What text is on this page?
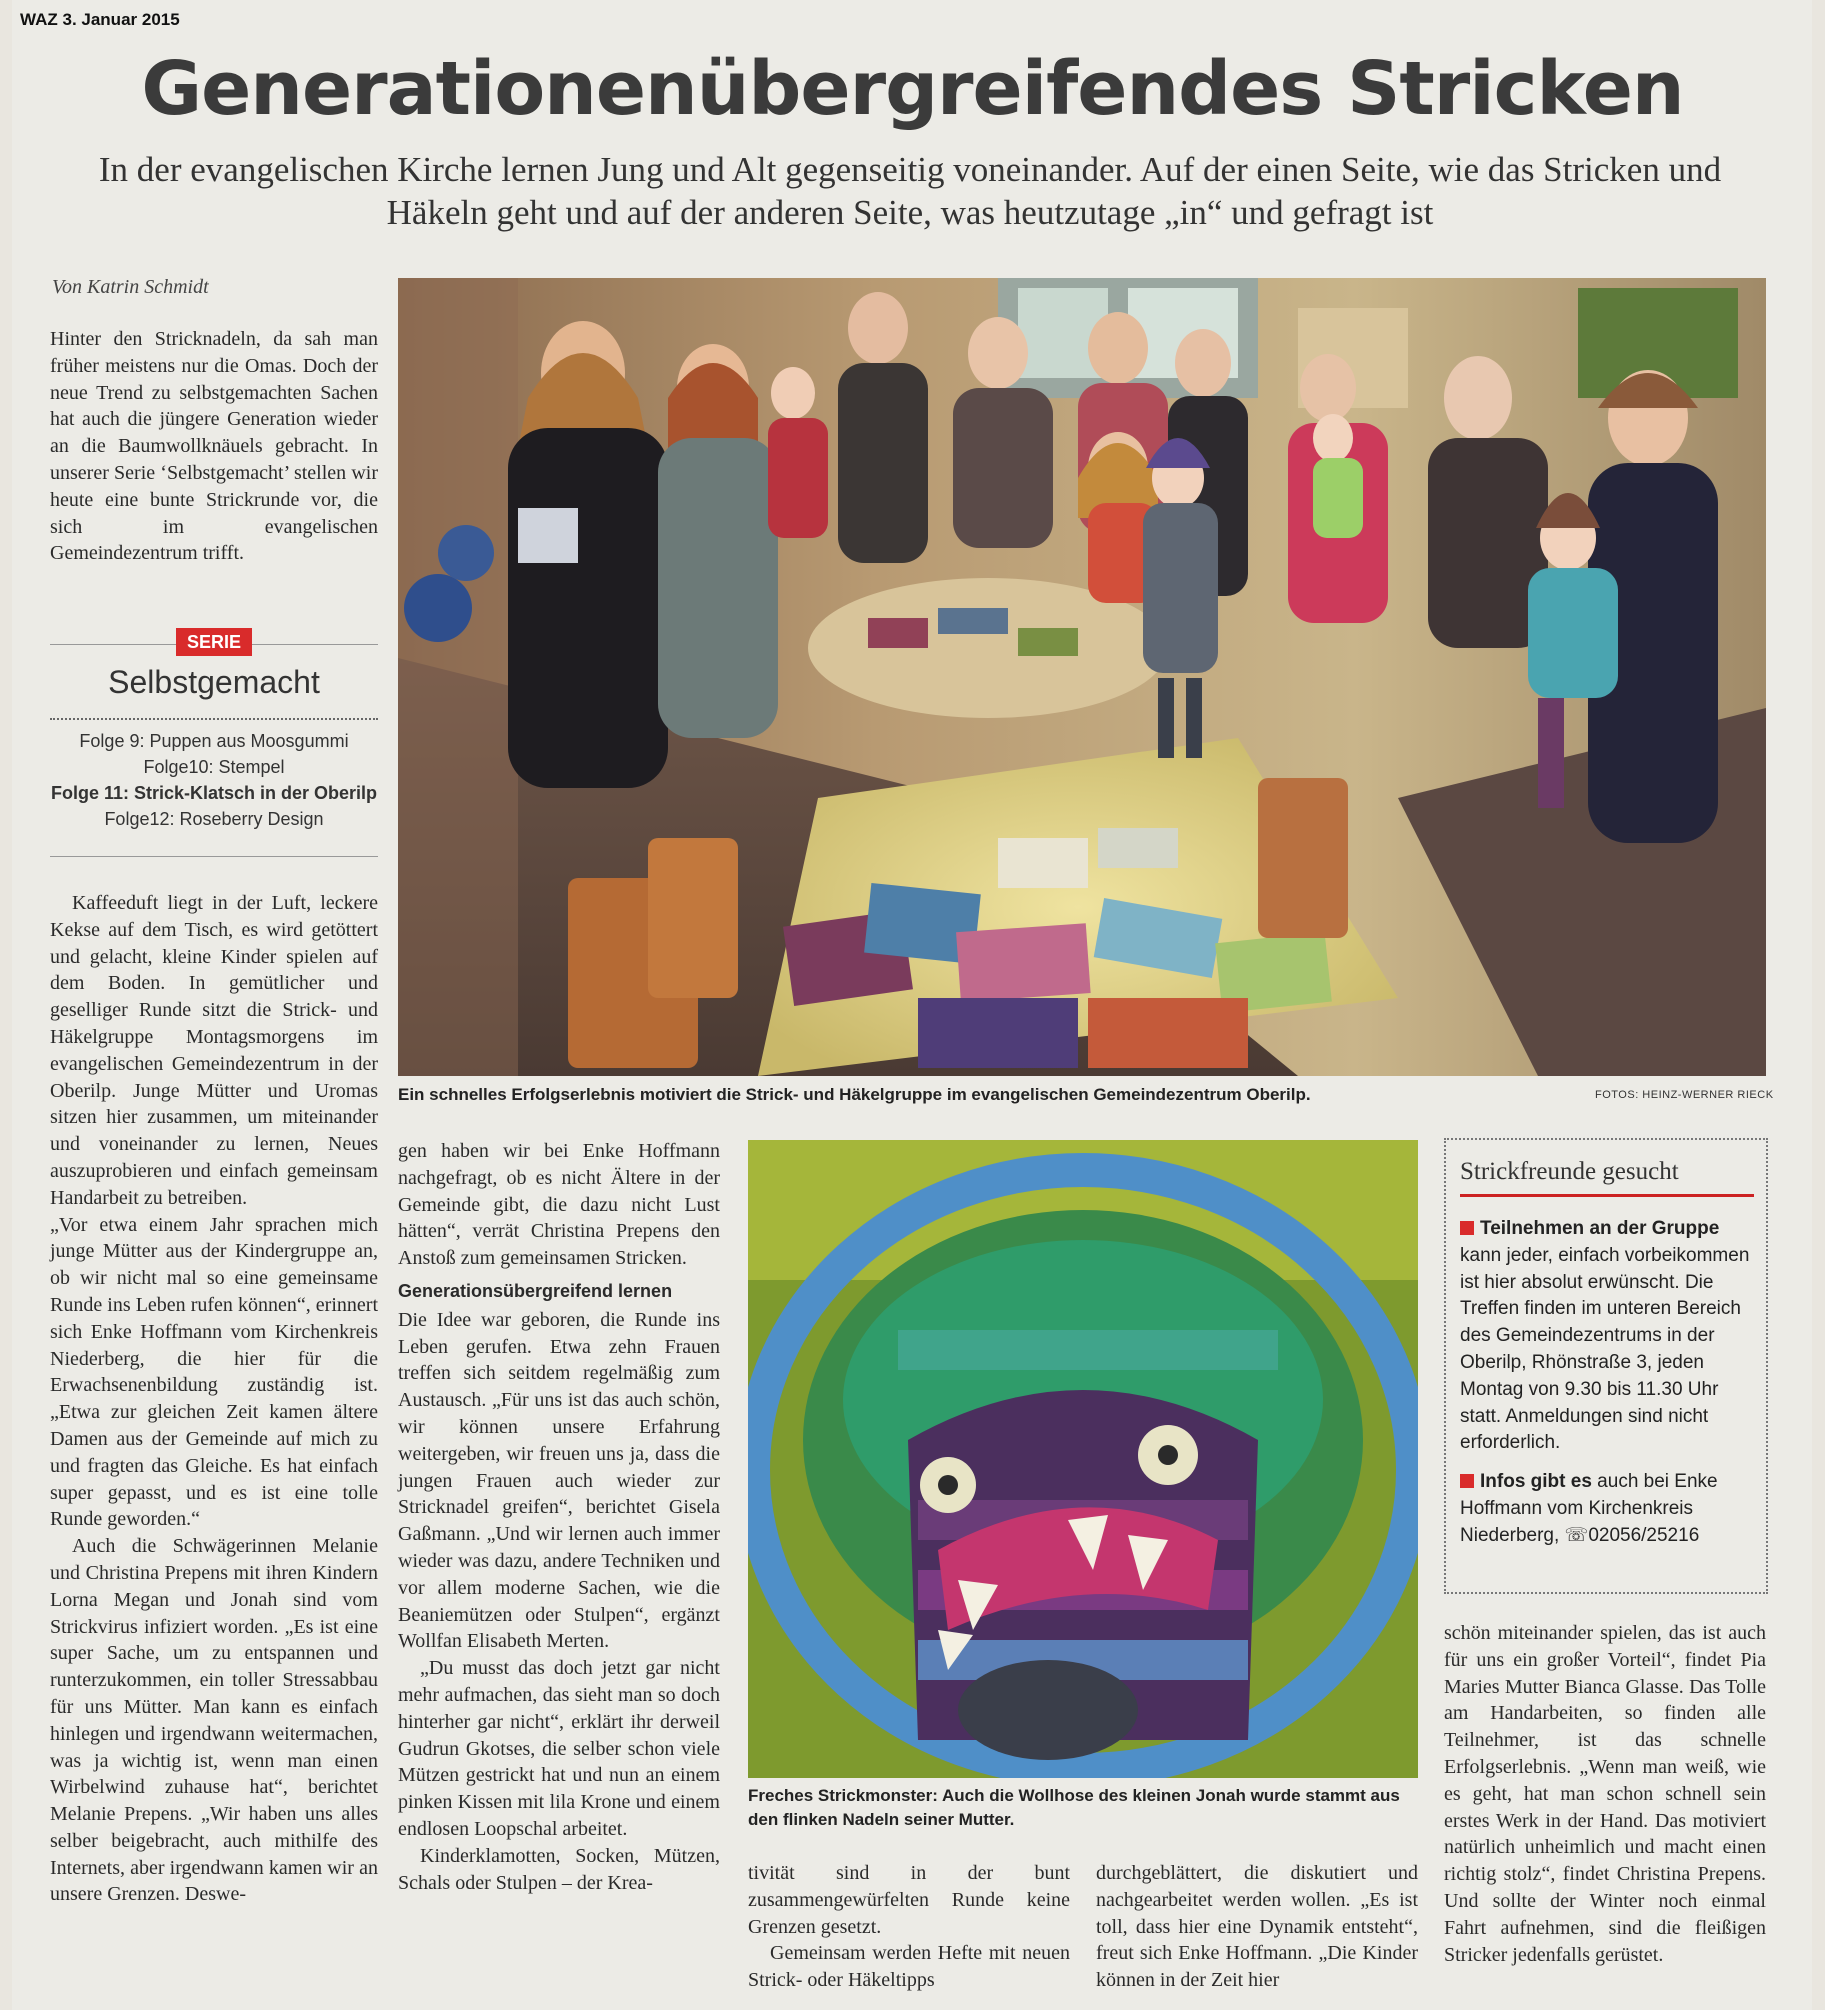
WAZ 3. Januar 2015
Generationenübergreifendes Stricken
In der evangelischen Kirche lernen Jung und Alt gegenseitig voneinander. Auf der einen Seite, wie das Stricken und Häkeln geht und auf der anderen Seite, was heutzutage „in“ und gefragt ist
Von Katrin Schmidt

Hinter den Stricknadeln, da sah man früher meistens nur die Omas. Doch der neue Trend zu selbstgemachten Sachen hat auch die jüngere Generation wieder an die Baumwollknäuels gebracht. In unserer Serie ‘Selbstgemacht’ stellen wir heute eine bunte Strickrunde vor, die sich im evangelischen Gemeindezentrum trifft.

SERIE
Selbstgemacht
Folge 9: Puppen aus Moosgummi
Folge10: Stempel
Folge 11: Strick-Klatsch in der Oberilp
Folge12: Roseberry Design

Kaffeeduft liegt in der Luft, leckere Kekse auf dem Tisch, es wird getöttert und gelacht, kleine Kinder spielen auf dem Boden. In gemütlicher und geselliger Runde sitzt die Strick- und Häkelgruppe Montagsmorgens im evangelischen Gemeindezentrum in der Oberilp. Junge Mütter und Uromas sitzen hier zusammen, um miteinander und voneinander zu lernen, Neues auszuprobieren und einfach gemeinsam Handarbeit zu betreiben.

„Vor etwa einem Jahr sprachen mich junge Mütter aus der Kindergruppe an, ob wir nicht mal so eine gemeinsame Runde ins Leben rufen können“, erinnert sich Enke Hoffmann vom Kirchenkreis Niederberg, die hier für die Erwachsenenbildung zuständig ist. „Etwa zur gleichen Zeit kamen ältere Damen aus der Gemeinde auf mich zu und fragten das Gleiche. Es hat einfach super gepasst, und es ist eine tolle Runde geworden.“

Auch die Schwägerinnen Melanie und Christina Prepens mit ihren Kindern Lorna Megan und Jonah sind vom Strickvirus infiziert worden. „Es ist eine super Sache, um zu entspannen und runterzukommen, ein toller Stressabbau für uns Mütter. Man kann es einfach hinlegen und irgendwann weitermachen, was ja wichtig ist, wenn man einen Wirbelwind zuhause hat“, berichtet Melanie Prepens. „Wir haben uns alles selber beigebracht, auch mithilfe des Internets, aber irgendwann kamen wir an unsere Grenzen. Deswe-

Ein schnelles Erfolgserlebnis motiviert die Strick- und Häkelgruppe im evangelischen Gemeindezentrum Oberilp.	FOTOS: HEINZ-WERNER RIECK

gen haben wir bei Enke Hoffmann nachgefragt, ob es nicht Ältere in der Gemeinde gibt, die dazu nicht Lust hätten“, verrät Christina Prepens den Anstoß zum gemeinsamen Stricken.

Generationsübergreifend lernen

Die Idee war geboren, die Runde ins Leben gerufen. Etwa zehn Frauen treffen sich seitdem regelmäßig zum Austausch. „Für uns ist das auch schön, wir können unsere Erfahrung weitergeben, wir freuen uns ja, dass die jungen Frauen auch wieder zur Stricknadel greifen“, berichtet Gisela Gaßmann. „Und wir lernen auch immer wieder was dazu, andere Techniken und vor allem moderne Sachen, wie die Beaniemützen oder Stulpen“, ergänzt Wollfan Elisabeth Merten.

„Du musst das doch jetzt gar nicht mehr aufmachen, das sieht man so doch hinterher gar nicht“, erklärt ihr derweil Gudrun Gkotses, die selber schon viele Mützen gestrickt hat und nun an einem pinken Kissen mit lila Krone und einem endlosen Loopschal arbeitet.

Kinderklamotten, Socken, Mützen, Schals oder Stulpen – der Krea-

Freches Strickmonster: Auch die Wollhose des kleinen Jonah wurde stammt aus den flinken Nadeln seiner Mutter.

tivität sind in der bunt zusammengewürfelten Runde keine Grenzen gesetzt.

Gemeinsam werden Hefte mit neuen Strick- oder Häkeltipps

durchgeblättert, die diskutiert und nachgearbeitet werden wollen. „Es ist toll, dass hier eine Dynamik entsteht“, freut sich Enke Hoffmann. „Die Kinder können in der Zeit hier

Strickfreunde gesucht
Teilnehmen an der Gruppe kann jeder, einfach vorbeikommen ist hier absolut erwünscht. Die Treffen finden im unteren Bereich des Gemeindezentrums in der Oberilp, Rhönstraße 3, jeden Montag von 9.30 bis 11.30 Uhr statt. Anmeldungen sind nicht erforderlich.
Infos gibt es auch bei Enke Hoffmann vom Kirchenkreis Niederberg, ☏02056/25216

schön miteinander spielen, das ist auch für uns ein großer Vorteil“, findet Pia Maries Mutter Bianca Glasse. Das Tolle am Handarbeiten, so finden alle Teilnehmer, ist das schnelle Erfolgserlebnis. „Wenn man weiß, wie es geht, hat man schon schnell sein erstes Werk in der Hand. Das motiviert natürlich unheimlich und macht einen richtig stolz“, findet Christina Prepens. Und sollte der Winter noch einmal Fahrt aufnehmen, sind die fleißigen Stricker jedenfalls gerüstet.
